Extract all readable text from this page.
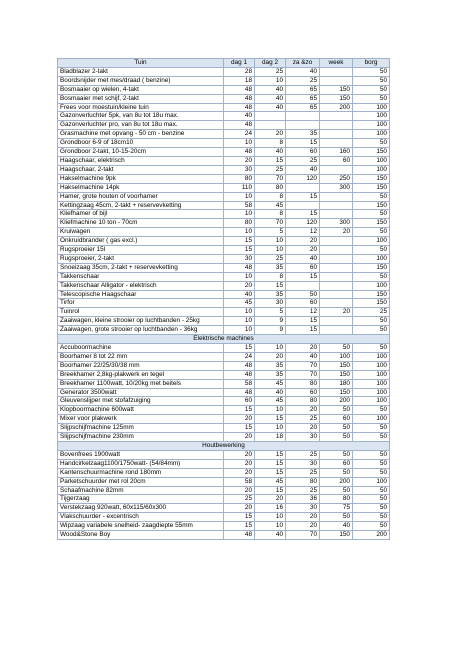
Tuin	dag 1	dag 2	za &zo	week	borg
Bladblazer 2-takt	28	25	40		50
Boordsnijder met mes/draad ( benzine)	18	10	25		50
Bosmaaier op wielen, 4-takt	48	40	65	150	50
Bosmaaier met schijf, 2-takt	48	40	65	150	50
Frees voor moestuin/kleine tuin	48	40	65	200	100
Gazonverluchter 5pk, van 8u tot 18u max.	40				100
Gazonverluchter pro, van 8u tot 18u max.	48				100
Grasmachine met opvang - 50 cm - benzine	24	20	35		100
Grondboor 6-9 of 18cm10	10	8	15		50
Grondboor 2-takt, 10-15-20cm	48	40	60	160	150
Haagschaar, elektrisch	20	15	25	60	100
Haagschaar, 2-takt	30	25	40		100
Hakselmachine 9pk	80	70	120	250	150
Hakselmachine 14pk	110	80		300	150
Hamer, grote houten of voorhamer	10	8	15		50
Kettingzaag 45cm, 2-takt + reservevketting	58	45			150
Kliefhamer of bijl	10	8	15		50
Kliefmachine 10 ton - 70cm	80	70	120	300	150
Kruiwagen	10	5	12	20	50
Onkruidbrander ( gas excl.)	15	10	20		100
Rugsproeier 15l	15	10	20		50
Rugsproeier, 2-takt	30	25	40		100
Snoeizaag 35cm, 2-takt + reservevketting	48	35	60		150
Takkenschaar	10	8	15		50
Takkenschaar Alligator - elektrisch	20	15			100
Telescopische Haagschaar	40	35	50		150
Tirfor	45	30	60		150
Tuinrol	10	5	12	20	25
Zaaiwagen, kleine strooier op luchtbanden - 25kg	10	9	15		50
Zaaiwagen, grote strooier op luchtbanden - 36kg	10	9	15		50
Elektrische machines					
Accuboormachine	15	10	20	50	50
Boorhamer 8 tot 22 mm	24	20	40	100	100
Boorhamer 22/25/30/38 mm	48	35	70	150	100
Breekhamer 2,8kg-plakwerk en tegel	48	35	70	150	100
Breekhamer 1100watt, 10/20kg met beitels	58	45	80	180	100
Generator 3500watt	48	40	60	150	100
Gleuvenslijper met stofafzuiging	60	45	80	200	100
Klopboormachine 600watt	15	10	20	50	50
Mixer voor plakwerk	20	15	25	60	100
Slijpschijfmachine 125mm	15	10	20	50	50
Slijpschijfmachine 230mm	20	18	30	50	50
Houtbewerking					
Bovenfrees 1900watt	20	15	25	50	50
Handcirkelzaag1100/1750watt- (54/84mm)	20	15	30	60	50
Kantenschuurmachine rond 180mm	20	15	25	50	50
Parketschuurder met rol 20cm	58	45	80	200	100
Schaafmachine 82mm	20	15	25	50	50
Tijgerzaag	25	20	36	80	50
Verstekzaag 920watt, 60x115/60x300	20	16	30	75	50
Vlakschuurder - excentrisch	15	10	20	50	50
Wipzaag variabele snelheid- zaagdiepte 55mm	15	10	20	40	50
Wood&Stone Boy	48	40	70	150	200
